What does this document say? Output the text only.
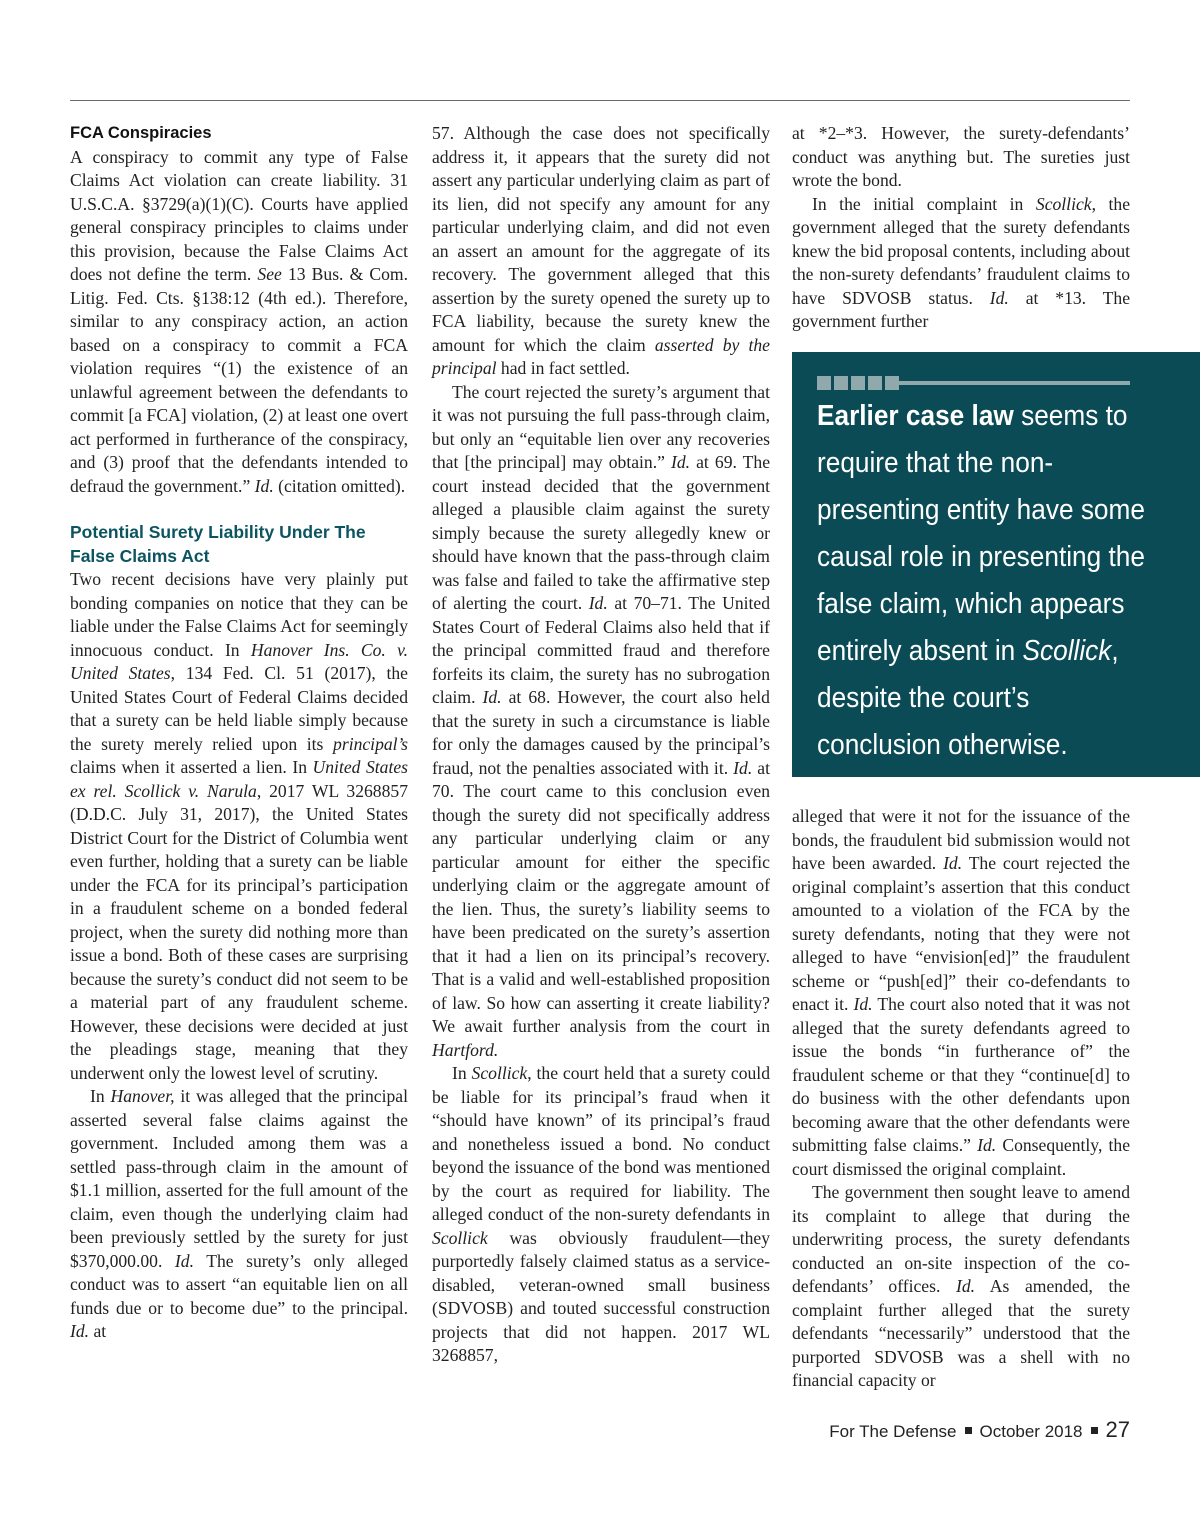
FCA Conspiracies

A conspiracy to commit any type of False Claims Act violation can create liability. 31 U.S.C.A. §3729(a)(1)(C). Courts have applied general conspiracy principles to claims under this provision, because the False Claims Act does not define the term. See 13 Bus. & Com. Litig. Fed. Cts. §138:12 (4th ed.). Therefore, similar to any conspiracy action, an action based on a conspiracy to commit a FCA violation requires “(1) the existence of an unlawful agreement between the defendants to commit [a FCA] violation, (2) at least one overt act performed in furtherance of the conspiracy, and (3) proof that the defendants intended to defraud the government.” Id. (citation omitted).

Potential Surety Liability Under The False Claims Act

Two recent decisions have very plainly put bonding companies on notice that they can be liable under the False Claims Act for seemingly innocuous conduct. In Hanover Ins. Co. v. United States, 134 Fed. Cl. 51 (2017), the United States Court of Federal Claims decided that a surety can be held liable simply because the surety merely relied upon its principal’s claims when it asserted a lien. In United States ex rel. Scollick v. Narula, 2017 WL 3268857 (D.D.C. July 31, 2017), the United States District Court for the District of Columbia went even further, holding that a surety can be liable under the FCA for its principal’s participation in a fraudulent scheme on a bonded federal project, when the surety did nothing more than issue a bond. Both of these cases are surprising because the surety’s conduct did not seem to be a material part of any fraudulent scheme. However, these decisions were decided at just the pleadings stage, meaning that they underwent only the lowest level of scrutiny.

In Hanover, it was alleged that the principal asserted several false claims against the government. Included among them was a settled pass-through claim in the amount of $1.1 million, asserted for the full amount of the claim, even though the underlying claim had been previously settled by the surety for just $370,000.00. Id. The surety’s only alleged conduct was to assert “an equitable lien on all funds due or to become due” to the principal. Id. at

57. Although the case does not specifically address it, it appears that the surety did not assert any particular underlying claim as part of its lien, did not specify any amount for any particular underlying claim, and did not even an assert an amount for the aggregate of its recovery. The government alleged that this assertion by the surety opened the surety up to FCA liability, because the surety knew the amount for which the claim asserted by the principal had in fact settled.

The court rejected the surety’s argument that it was not pursuing the full pass-through claim, but only an “equitable lien over any recoveries that [the principal] may obtain.” Id. at 69. The court instead decided that the government alleged a plausible claim against the surety simply because the surety allegedly knew or should have known that the pass-through claim was false and failed to take the affirmative step of alerting the court. Id. at 70–71. The United States Court of Federal Claims also held that if the principal committed fraud and therefore forfeits its claim, the surety has no subrogation claim. Id. at 68. However, the court also held that the surety in such a circumstance is liable for only the damages caused by the principal’s fraud, not the penalties associated with it. Id. at 70. The court came to this conclusion even though the surety did not specifically address any particular underlying claim or any particular amount for either the specific underlying claim or the aggregate amount of the lien. Thus, the surety’s liability seems to have been predicated on the surety’s assertion that it had a lien on its principal’s recovery. That is a valid and well-established proposition of law. So how can asserting it create liability? We await further analysis from the court in Hartford.

In Scollick, the court held that a surety could be liable for its principal’s fraud when it “should have known” of its principal’s fraud and nonetheless issued a bond. No conduct beyond the issuance of the bond was mentioned by the court as required for liability. The alleged conduct of the non-surety defendants in Scollick was obviously fraudulent—they purportedly falsely claimed status as a service-disabled, veteran-owned small business (SDVOSB) and touted successful construction projects that did not happen. 2017 WL 3268857,

at *2–*3. However, the surety-defendants’ conduct was anything but. The sureties just wrote the bond.

In the initial complaint in Scollick, the government alleged that the surety defendants knew the bid proposal contents, including about the non-surety defendants’ fraudulent claims to have SDVOSB status. Id. at *13. The government further

Earlier case law seems to require that the non-presenting entity have some causal role in presenting the false claim, which appears entirely absent in Scollick, despite the court’s conclusion otherwise.

alleged that were it not for the issuance of the bonds, the fraudulent bid submission would not have been awarded. Id. The court rejected the original complaint’s assertion that this conduct amounted to a violation of the FCA by the surety defendants, noting that they were not alleged to have “envision[ed]” the fraudulent scheme or “push[ed]” their co-defendants to enact it. Id. The court also noted that it was not alleged that the surety defendants agreed to issue the bonds “in furtherance of” the fraudulent scheme or that they “continue[d] to do business with the other defendants upon becoming aware that the other defendants were submitting false claims.” Id. Consequently, the court dismissed the original complaint.

The government then sought leave to amend its complaint to allege that during the underwriting process, the surety defendants conducted an on-site inspection of the co-defendants’ offices. Id. As amended, the complaint further alleged that the surety defendants “necessarily” understood that the purported SDVOSB was a shell with no financial capacity or

For The Defense October 2018 27
